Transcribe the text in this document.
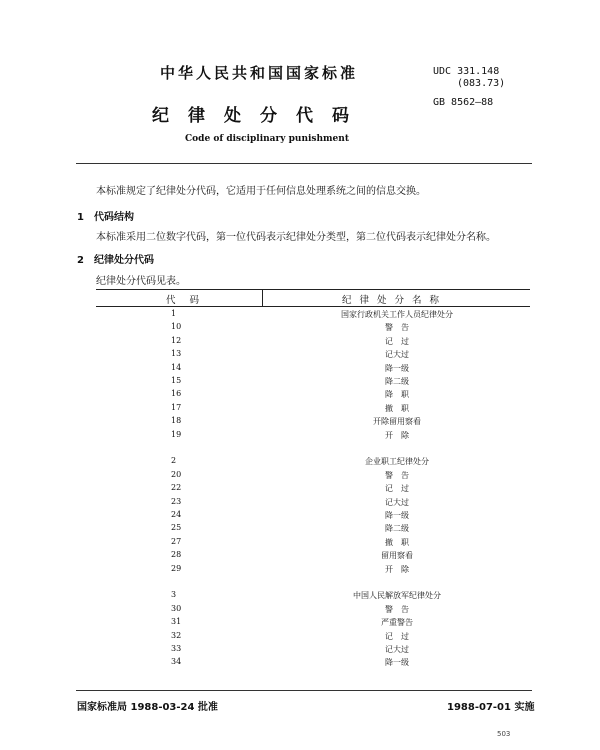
中华人民共和国国家标准	UDC 331.148
(083.73)
GB 8562—88
纪律处分代码
Code of disciplinary punishment
本标准规定了纪律处分代码，它适用于任何信息处理系统之间的信息交换。
1　代码结构
本标准采用二位数字代码，第一位代码表示纪律处分类型，第二位代码表示纪律处分名称。
2　纪律处分代码
纪律处分代码见表。
代码	纪律处分名称
1	国家行政机关工作人员纪律处分
10	警　告
12	记　过
13	记大过
14	降一级
15	降二级
16	降　职
17	撤　职
18	开除留用察看
19	开　除
2	企业职工纪律处分
20	警　告
22	记　过
23	记大过
24	降一级
25	降二级
27	撤　职
28	留用察看
29	开　除
3	中国人民解放军纪律处分
30	警　告
31	严重警告
32	记　过
33	记大过
34	降一级
国家标准局 1988-03-24 批准	1988-07-01 实施
503
